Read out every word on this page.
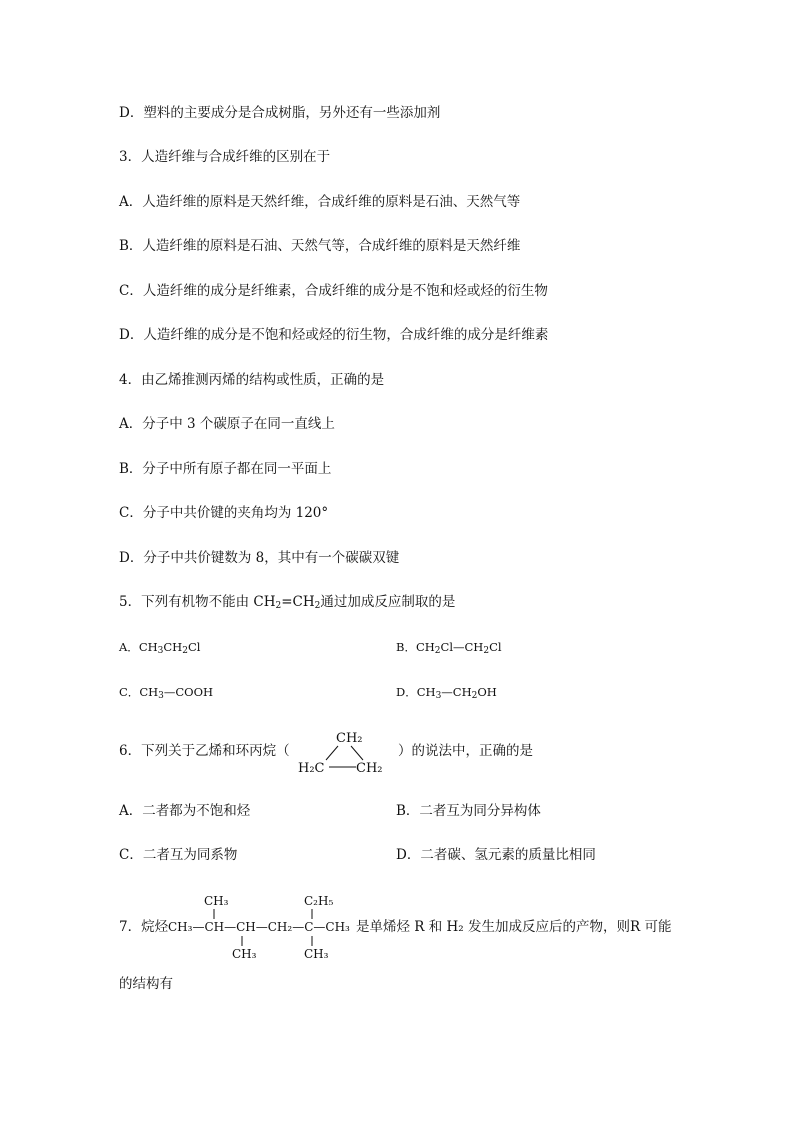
D．塑料的主要成分是合成树脂，另外还有一些添加剂
3．人造纤维与合成纤维的区别在于
A．人造纤维的原料是天然纤维，合成纤维的原料是石油、天然气等
B．人造纤维的原料是石油、天然气等，合成纤维的原料是天然纤维
C．人造纤维的成分是纤维素，合成纤维的成分是不饱和烃或烃的衍生物
D．人造纤维的成分是不饱和烃或烃的衍生物，合成纤维的成分是纤维素
4．由乙烯推测丙烯的结构或性质，正确的是
A．分子中 3 个碳原子在同一直线上
B．分子中所有原子都在同一平面上
C．分子中共价键的夹角均为 120°
D．分子中共价键数为 8，其中有一个碳碳双键
5．下列有机物不能由 $CH_2=CH_2$通过加成反应制取的是
A．$CH_3CH_2Cl$	B．$CH_2Cl—CH_2Cl$
C．$CH_3—COOH$	D．$CH_3—CH_2OH$
6．下列关于乙烯和环丙烷（
CH₂
H₂C CH₂
）的说法中，正确的是
A．二者都为不饱和烃	B．二者互为同分异构体
C．二者互为同系物	D．二者碳、氢元素的质量比相同
7．烷烃
CH₃	C₂H₅
CH₃—CH—CH—CH₂—C—CH₃
CH₃	CH₃
是单烯烃 R 和 H₂ 发生加成反应后的产物，则R 可能
的结构有
